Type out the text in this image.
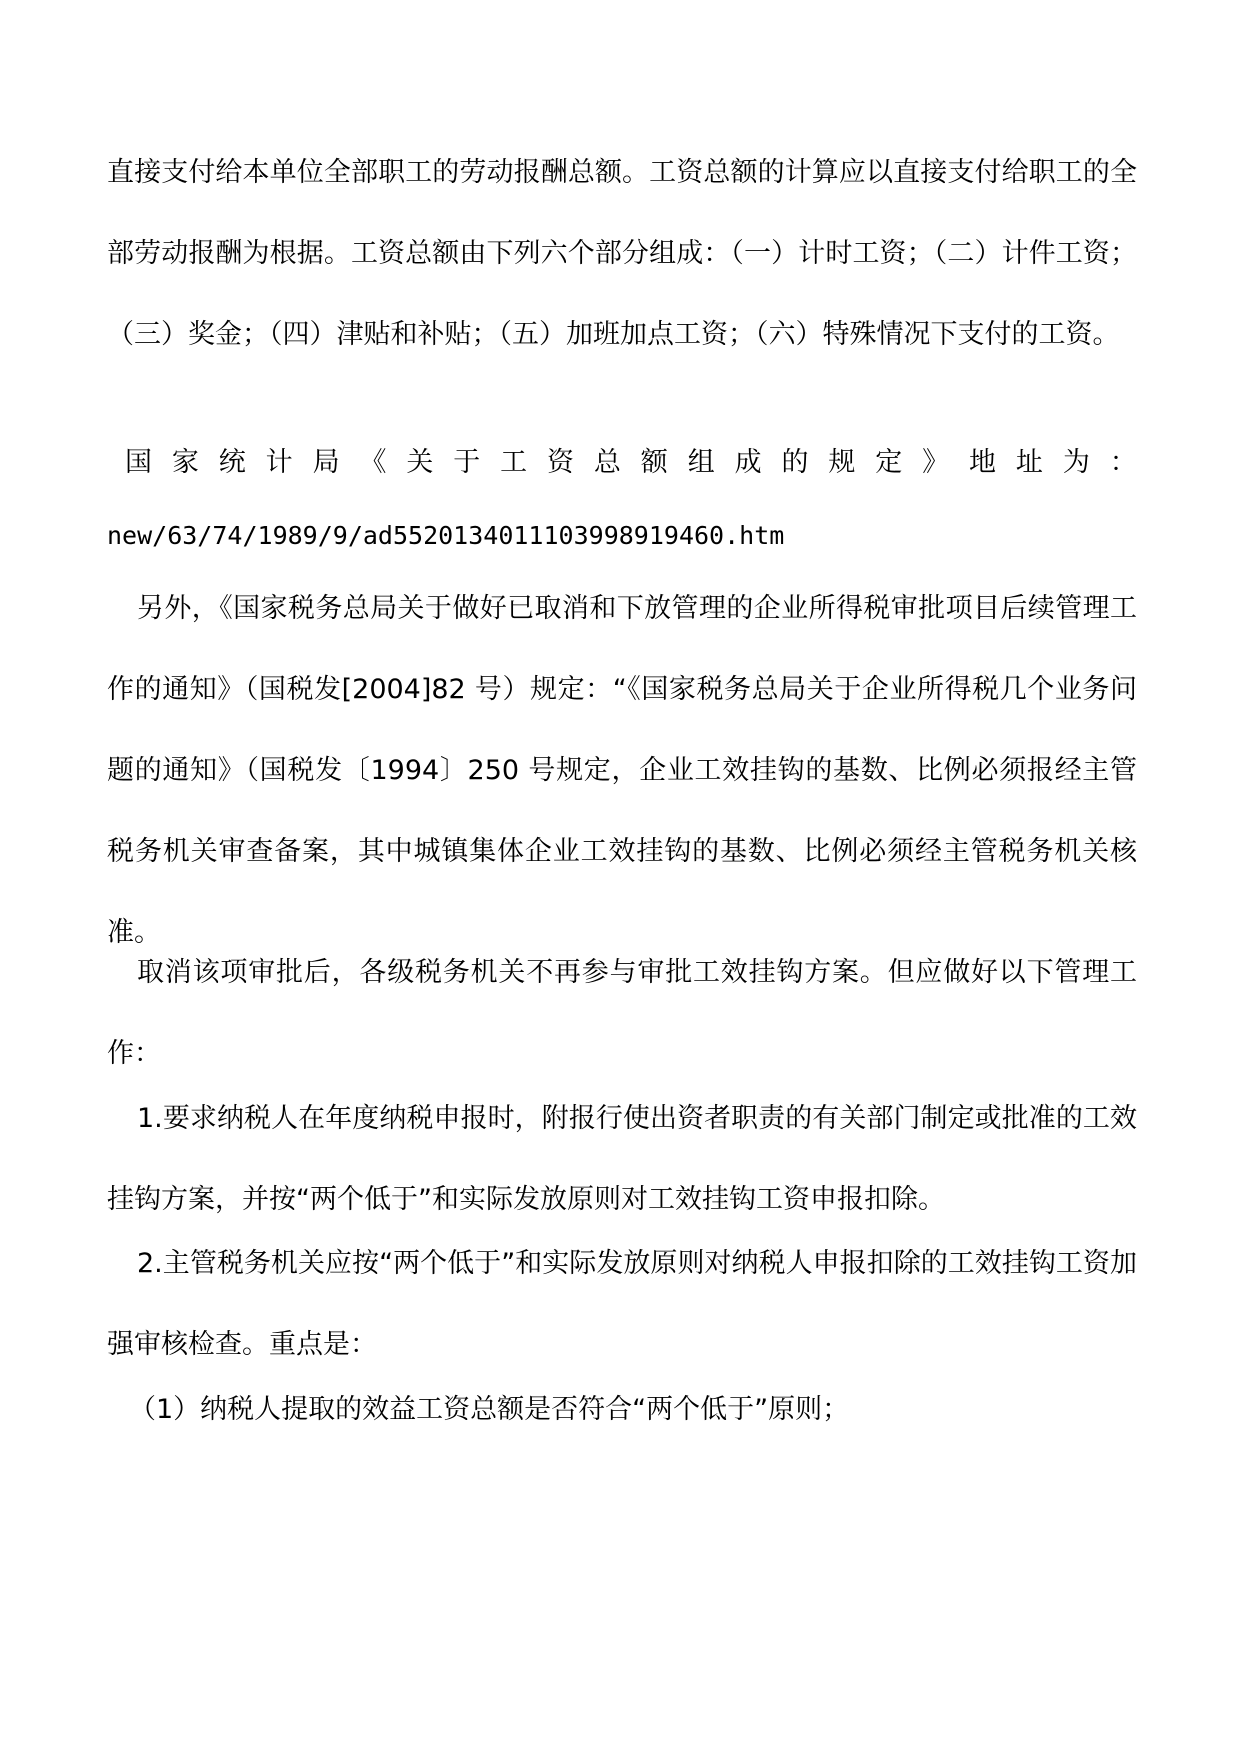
直接支付给本单位全部职工的劳动报酬总额。工资总额的计算应以直接支付给职工的全部劳动报酬为根据。工资总额由下列六个部分组成：（一）计时工资；（二）计件工资；（三）奖金；（四）津贴和补贴；（五）加班加点工资；（六）特殊情况下支付的工资。

国 家 统 计 局 《 关 于 工 资 总 额 组 成 的 规 定 》 地 址 为 ：

new/63/74/1989/9/ad5520134011103998919460.htm

另外，《国家税务总局关于做好已取消和下放管理的企业所得税审批项目后续管理工作的通知》（国税发[2004]82 号）规定：“《国家税务总局关于企业所得税几个业务问题的通知》（国税发〔1994〕250 号规定，企业工效挂钩的基数、比例必须报经主管税务机关审查备案，其中城镇集体企业工效挂钩的基数、比例必须经主管税务机关核准。

取消该项审批后，各级税务机关不再参与审批工效挂钩方案。但应做好以下管理工作：

1.要求纳税人在年度纳税申报时，附报行使出资者职责的有关部门制定或批准的工效挂钩方案，并按“两个低于”和实际发放原则对工效挂钩工资申报扣除。

2.主管税务机关应按“两个低于”和实际发放原则对纳税人申报扣除的工效挂钩工资加强审核检查。重点是：

（1）纳税人提取的效益工资总额是否符合“两个低于”原则；
